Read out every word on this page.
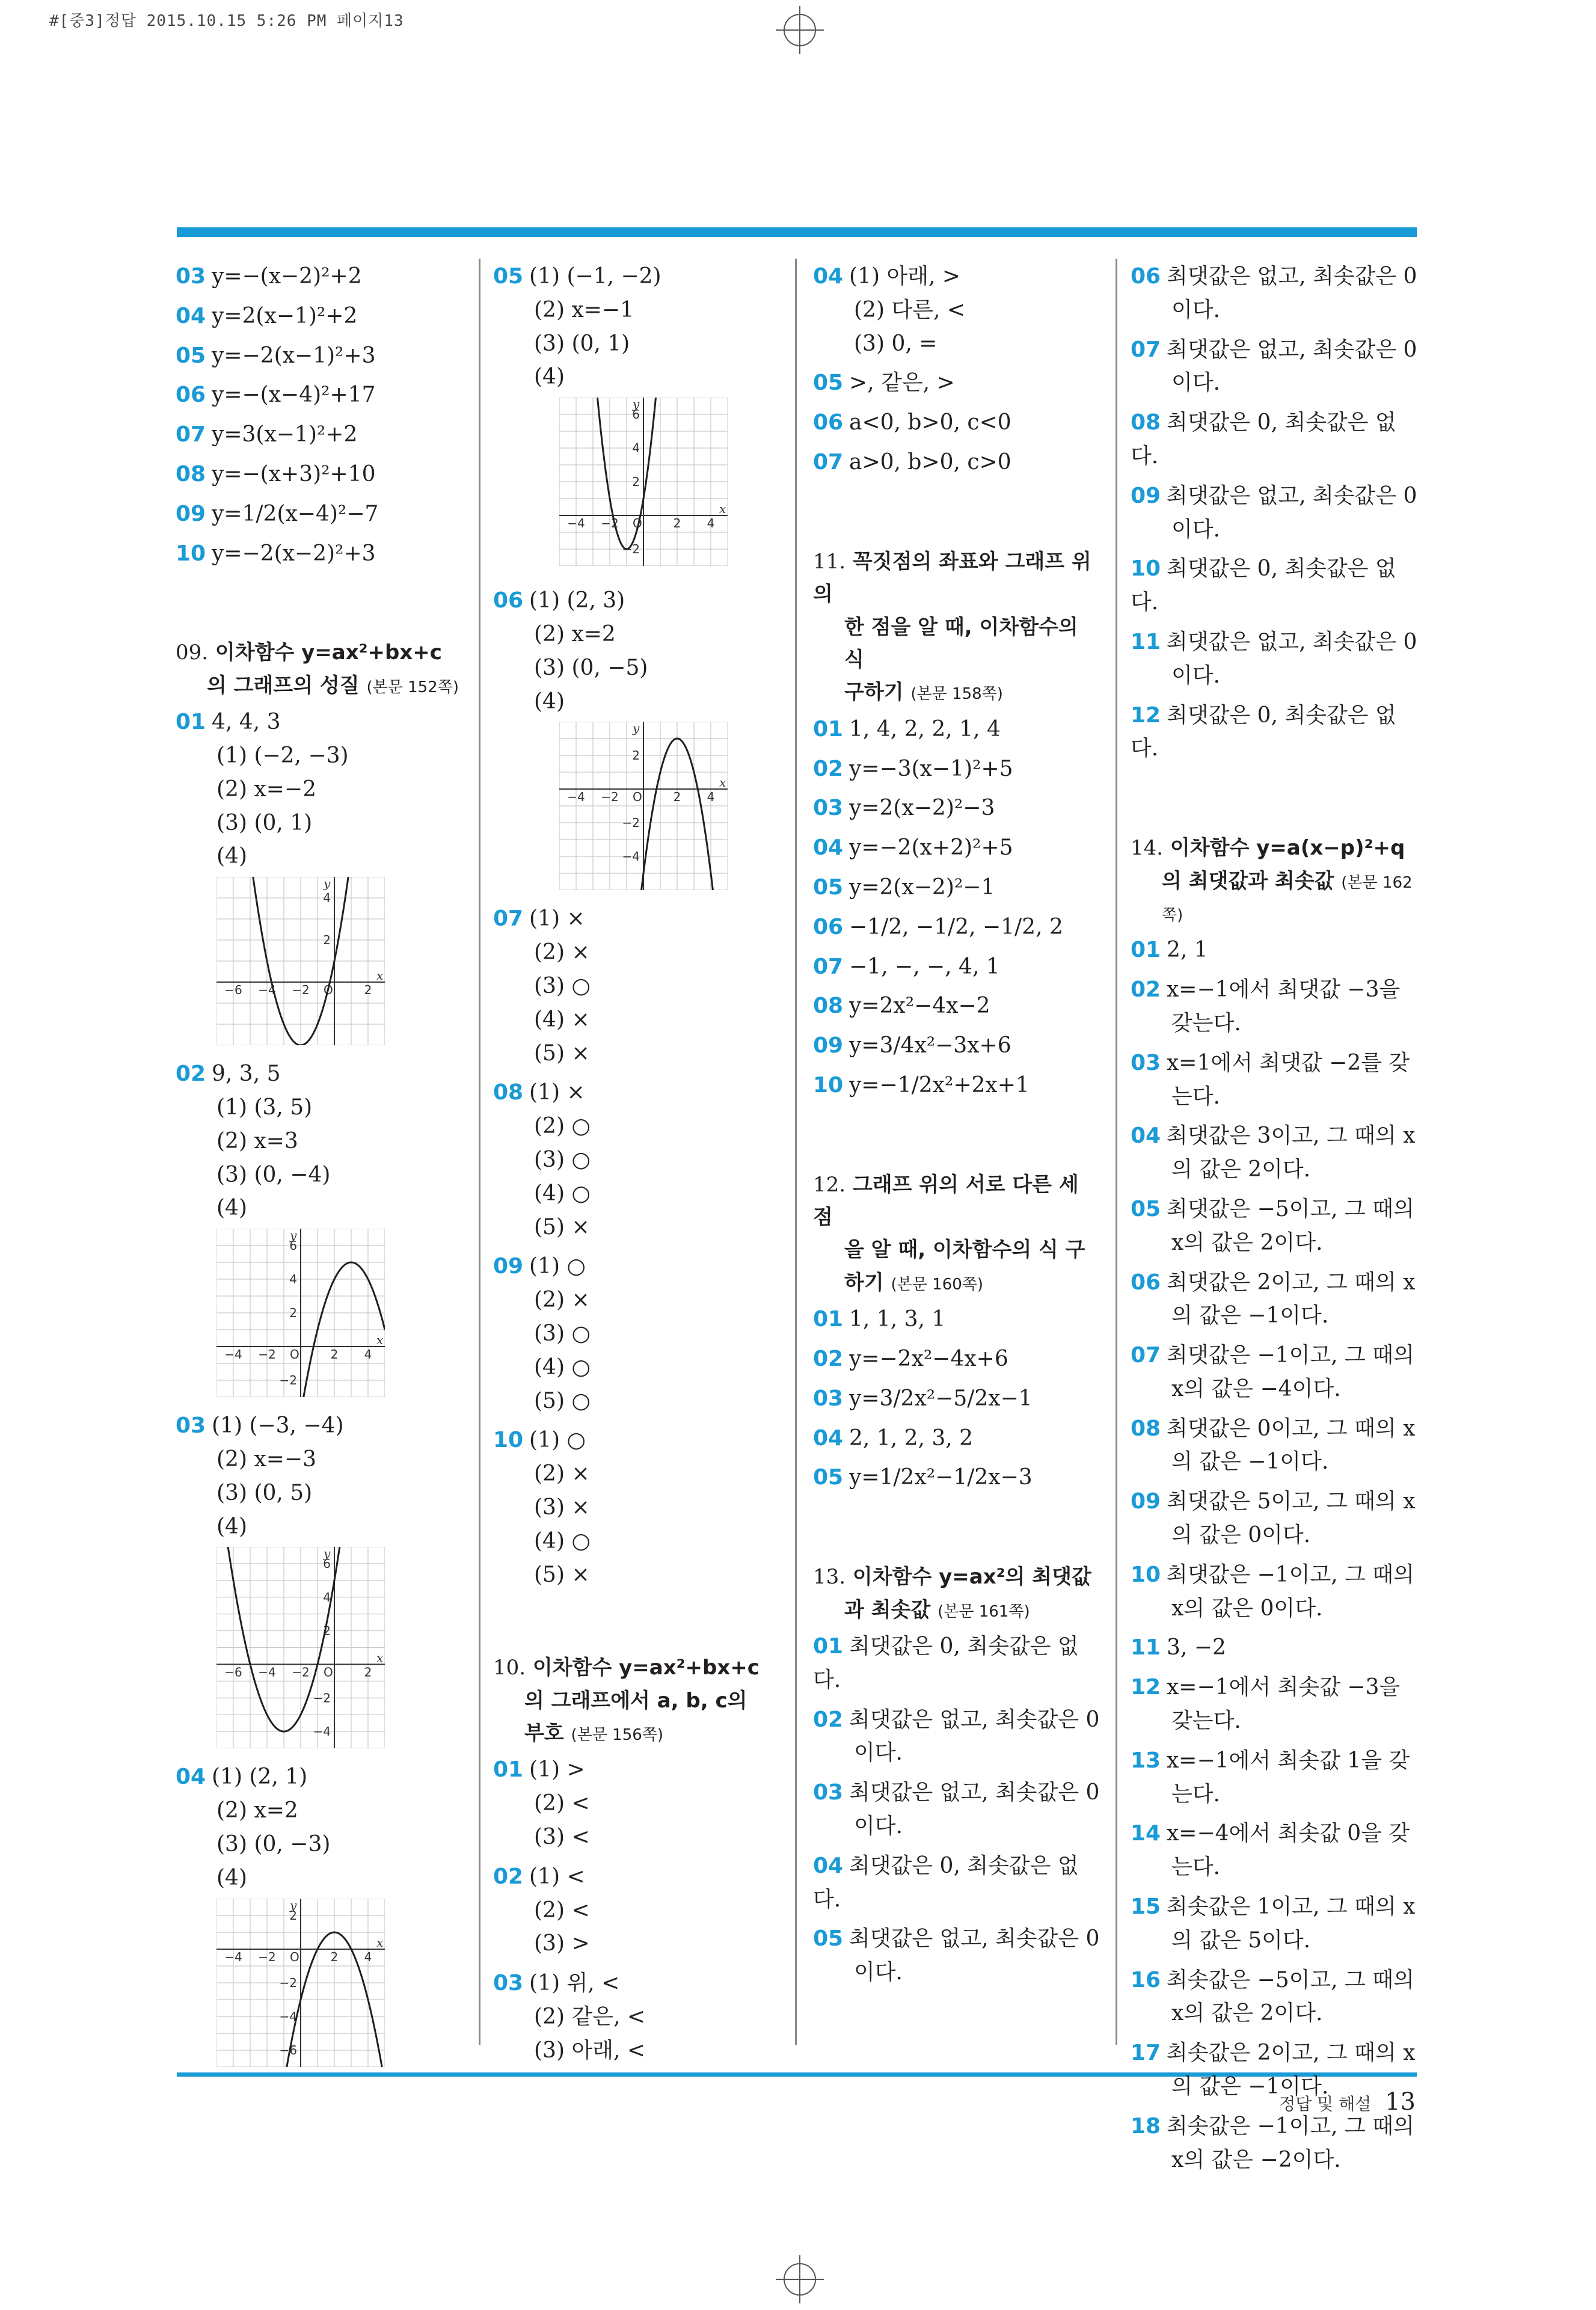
#[중3]정답 2015.10.15 5:26 PM 페이지13
03 y=−(x−2)²+2
04 y=2(x−1)²+2
05 y=−2(x−1)²+3
06 y=−(x−4)²+17
07 y=3(x−1)²+2
08 y=−(x+3)²+10
09 y=1/2(x−4)²−7
10 y=−2(x−2)²+3
09. 이차함수 y=ax²+bx+c
의 그래프의 성질 (본문 152쪽)
01 4, 4, 3
(1) (−2, −3)
(2) x=−2
(3) (0, 1)
(4)
x
y
O
−6 −4 −2	2
2
4
02 9, 3, 5
(1) (3, 5)
(2) x=3
(3) (0, −4)
(4)
x
y
O
−4 −2	2 4
−2
2
4
6
03 (1) (−3, −4)
(2) x=−3
(3) (0, 5)
(4)
x
y
O
−6 −4 −2	2
−2
−4
2
4
6
04 (1) (2, 1)
(2) x=2
(3) (0, −3)
(4)
x
y
O
−4 −2	2 4
−2
−4
−6
2
05 (1) (−1, −2)
(2) x=−1
(3) (0, 1)
(4)
x
y
O
−4 −2	2 4
−2
2
4
6
06 (1) (2, 3)
(2) x=2
(3) (0, −5)
(4)
x
y
O
−4 −2	2 4
−2
−4
2
07 (1) ×
(2) ×
(3) ○
(4) ×
(5) ×
08 (1) ×
(2) ○
(3) ○
(4) ○
(5) ×
09 (1) ○
(2) ×
(3) ○
(4) ○
(5) ○
10 (1) ○
(2) ×
(3) ×
(4) ○
(5) ×
10. 이차함수 y=ax²+bx+c
의 그래프에서 a, b, c의
부호 (본문 156쪽)
01 (1) >
(2) <
(3) <
02 (1) <
(2) <
(3) >
03 (1) 위, <
(2) 같은, <
(3) 아래, <
04 (1) 아래, >
(2) 다른, <
(3) 0, =
05 >, 같은, >
06 a<0, b>0, c<0
07 a>0, b>0, c>0
11. 꼭짓점의 좌표와 그래프 위의
한 점을 알 때, 이차함수의 식
구하기 (본문 158쪽)
01 1, 4, 2, 2, 1, 4
02 y=−3(x−1)²+5
03 y=2(x−2)²−3
04 y=−2(x+2)²+5
05 y=2(x−2)²−1
06 −1/2, −1/2, −1/2, 2
07 −1, −, −, 4, 1
08 y=2x²−4x−2
09 y=3/4x²−3x+6
10 y=−1/2x²+2x+1
12. 그래프 위의 서로 다른 세 점
을 알 때, 이차함수의 식 구
하기 (본문 160쪽)
01 1, 1, 3, 1
02 y=−2x²−4x+6
03 y=3/2x²−5/2x−1
04 2, 1, 2, 3, 2
05 y=1/2x²−1/2x−3
13. 이차함수 y=ax²의 최댓값
과 최솟값 (본문 161쪽)
01 최댓값은 0, 최솟값은 없다.
02 최댓값은 없고, 최솟값은 0
이다.
03 최댓값은 없고, 최솟값은 0
이다.
04 최댓값은 0, 최솟값은 없다.
05 최댓값은 없고, 최솟값은 0
이다.
06 최댓값은 없고, 최솟값은 0
이다.
07 최댓값은 없고, 최솟값은 0
이다.
08 최댓값은 0, 최솟값은 없다.
09 최댓값은 없고, 최솟값은 0
이다.
10 최댓값은 0, 최솟값은 없다.
11 최댓값은 없고, 최솟값은 0
이다.
12 최댓값은 0, 최솟값은 없다.
14. 이차함수 y=a(x−p)²+q
의 최댓값과 최솟값 (본문 162쪽)
01 2, 1
02 x=−1에서 최댓값 −3을
갖는다.
03 x=1에서 최댓값 −2를 갖
는다.
04 최댓값은 3이고, 그 때의 x
의 값은 2이다.
05 최댓값은 −5이고, 그 때의
x의 값은 2이다.
06 최댓값은 2이고, 그 때의 x
의 값은 −1이다.
07 최댓값은 −1이고, 그 때의
x의 값은 −4이다.
08 최댓값은 0이고, 그 때의 x
의 값은 −1이다.
09 최댓값은 5이고, 그 때의 x
의 값은 0이다.
10 최댓값은 −1이고, 그 때의
x의 값은 0이다.
11 3, −2
12 x=−1에서 최솟값 −3을
갖는다.
13 x=−1에서 최솟값 1을 갖
는다.
14 x=−4에서 최솟값 0을 갖
는다.
15 최솟값은 1이고, 그 때의 x
의 값은 5이다.
16 최솟값은 −5이고, 그 때의
x의 값은 2이다.
17 최솟값은 2이고, 그 때의 x
의 값은 −1이다.
18 최솟값은 −1이고, 그 때의
x의 값은 −2이다.
정답 및 해설 13
